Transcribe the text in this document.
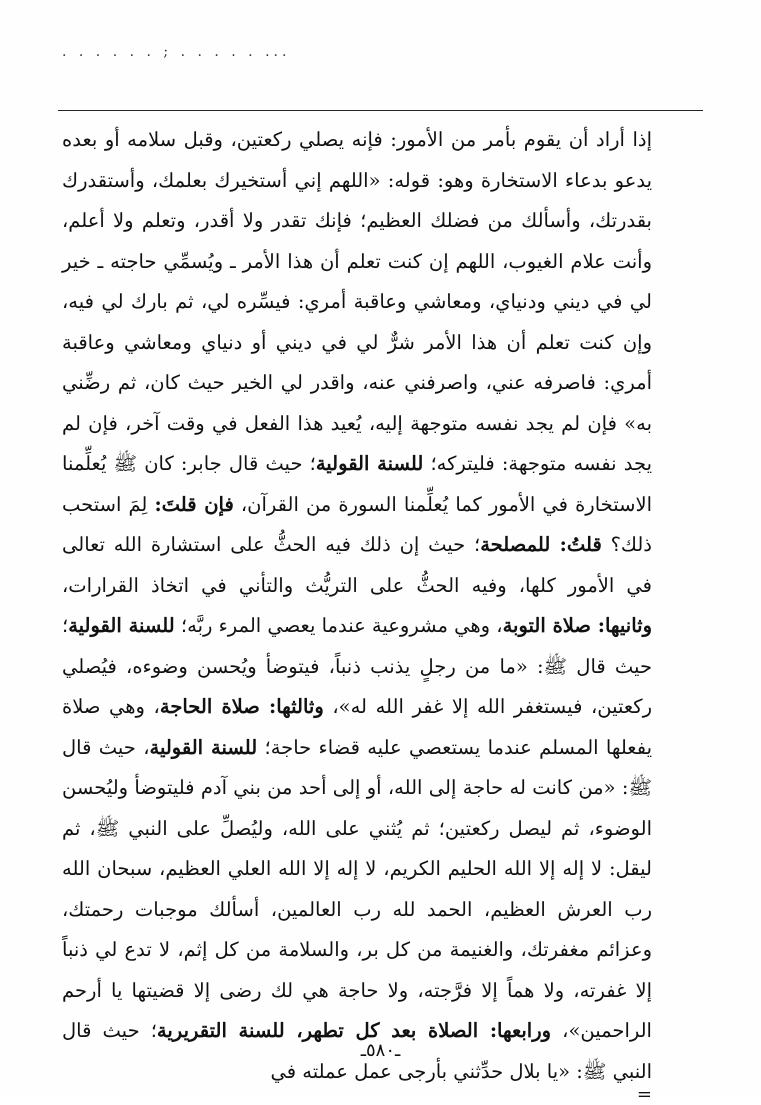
. . . . . . ; . . . . . ...

إذا أراد أن يقوم بأمر من الأمور: فإنه يصلي ركعتين، وقبل سلامه أو بعده يدعو بدعاء الاستخارة وهو: قوله: «اللهم إني أستخيرك بعلمك، وأستقدرك بقدرتك، وأسألك من فضلك العظيم؛ فإنك تقدر ولا أقدر، وتعلم ولا أعلم، وأنت علام الغيوب، اللهم إن كنت تعلم أن هذا الأمر ـ ويُسمِّي حاجته ـ خير لي في ديني ودنياي، ومعاشي وعاقبة أمري: فيسِّره لي، ثم بارك لي فيه، وإن كنت تعلم أن هذا الأمر شرٌّ لي في ديني أو دنياي ومعاشي وعاقبة أمري: فاصرفه عني، واصرفني عنه، واقدر لي الخير حيث كان، ثم رضِّني به» فإن لم يجد نفسه متوجهة إليه، يُعيد هذا الفعل في وقت آخر، فإن لم يجد نفسه متوجهة: فليتركه؛ للسنة القولية؛ حيث قال جابر: كان ﷺ يُعلِّمنا الاستخارة في الأمور كما يُعلِّمنا السورة من القرآن، فإن قلتَ: لِمَ استحب ذلك؟ قلتُ: للمصلحة؛ حيث إن ذلك فيه الحثُّ على استشارة الله تعالى في الأمور كلها، وفيه الحثُّ على التريُّث والتأني في اتخاذ القرارات، وثانيها: صلاة التوبة، وهي مشروعية عندما يعصي المرء ربَّه؛ للسنة القولية؛ حيث قال ﷺ: «ما من رجلٍ يذنب ذنباً، فيتوضأ ويُحسن وضوءه، فيُصلي ركعتين، فيستغفر الله إلا غفر الله له»، وثالثها: صلاة الحاجة، وهي صلاة يفعلها المسلم عندما يستعصي عليه قضاء حاجة؛ للسنة القولية، حيث قال ﷺ: «من كانت له حاجة إلى الله، أو إلى أحد من بني آدم فليتوضأ وليُحسن الوضوء، ثم ليصل ركعتين؛ ثم يُثني على الله، وليُصلِّ على النبي ﷺ، ثم ليقل: لا إله إلا الله الحليم الكريم، لا إله إلا الله العلي العظيم، سبحان الله رب العرش العظيم، الحمد لله رب العالمين، أسألك موجبات رحمتك، وعزائم مغفرتك، والغنيمة من كل بر، والسلامة من كل إثم، لا تدع لي ذنباً إلا غفرته، ولا هماً إلا فرَّجته، ولا حاجة هي لك رضى إلا قضيتها يا أرحم الراحمين»، ورابعها: الصلاة بعد كل تطهر، للسنة التقريرية؛ حيث قال النبي ﷺ: «يا بلال حدِّثني بأرجى عمل عملته في

=
ـ٥٨٠ـ
